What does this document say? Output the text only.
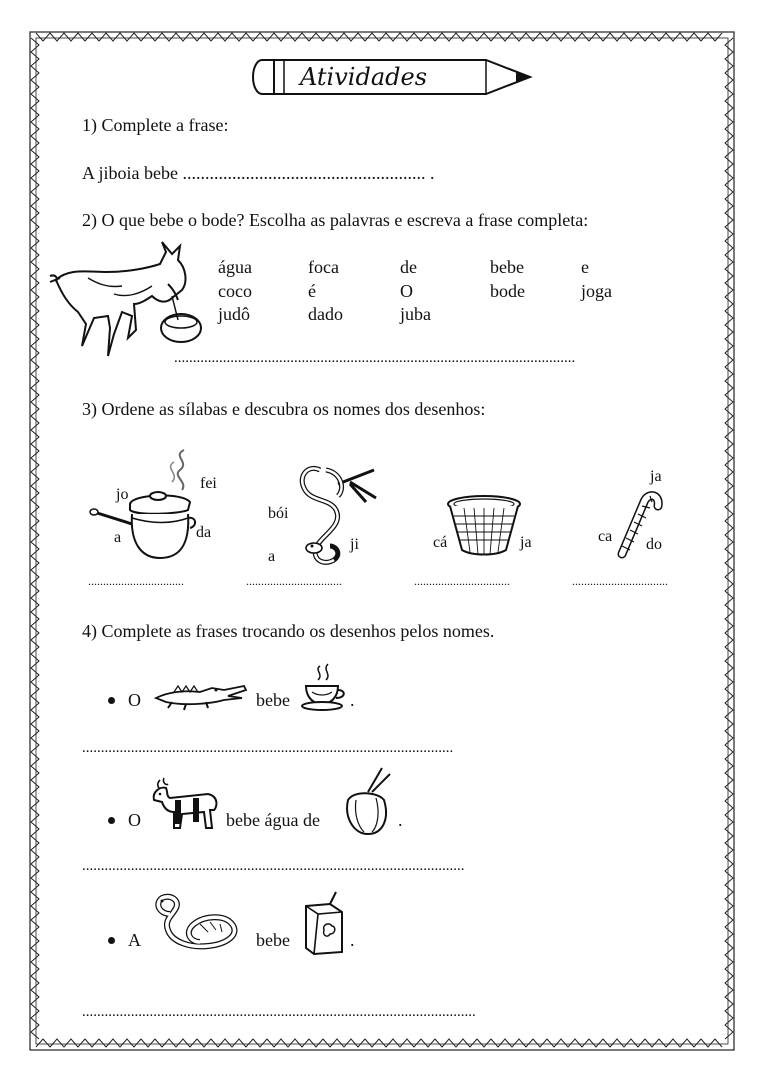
Atividades
1) Complete a frase:
A jiboia bebe ...................................................... .
2) O que bebe o bode? Escolha as palavras e escreva a frase completa:
água	foca	de	bebe	e
coco	é	O	bode	joga
judô	dado	juba
...........................................................................................................
3) Ordene as sílabas e descubra os nomes dos desenhos:
jo
fei
da
a
bói
ji
a
cá	ja
ja
ca do
................................	................................	................................	................................
4) Complete as frases trocando os desenhos pelos nomes.
O	bebe	.
...................................................................................................
O	bebe água de	.
......................................................................................................
A	bebe	.
.........................................................................................................
